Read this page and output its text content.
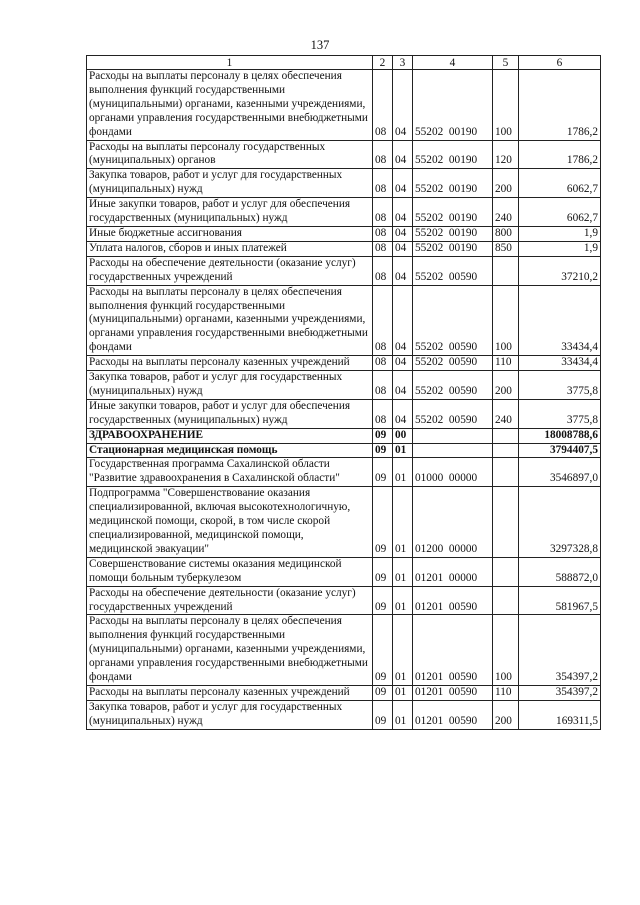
137
1	2	3	4	5	6
Расходы на выплаты персоналу в целях обеспечения выполнения функций государственными (муниципальными) органами, казенными учреждениями, органами управления государственными внебюджетными фондами	08	04	55202  00190	100	1786,2
Расходы на выплаты персоналу государственных (муниципальных) органов	08	04	55202  00190	120	1786,2
Закупка товаров, работ и услуг для государственных (муниципальных) нужд	08	04	55202  00190	200	6062,7
Иные закупки товаров, работ и услуг для обеспечения государственных (муниципальных) нужд	08	04	55202  00190	240	6062,7
Иные бюджетные ассигнования	08	04	55202  00190	800	1,9
Уплата налогов, сборов и иных платежей	08	04	55202  00190	850	1,9
Расходы на обеспечение деятельности (оказание услуг) государственных учреждений	08	04	55202  00590		37210,2
Расходы на выплаты персоналу в целях обеспечения выполнения функций государственными (муниципальными) органами, казенными учреждениями, органами управления государственными внебюджетными фондами	08	04	55202  00590	100	33434,4
Расходы на выплаты персоналу казенных учреждений	08	04	55202  00590	110	33434,4
Закупка товаров, работ и услуг для государственных (муниципальных) нужд	08	04	55202  00590	200	3775,8
Иные закупки товаров, работ и услуг для обеспечения государственных (муниципальных) нужд	08	04	55202  00590	240	3775,8
ЗДРАВООХРАНЕНИЕ	09	00			18008788,6
Стационарная медицинская помощь	09	01			3794407,5
Государственная программа Сахалинской области "Развитие здравоохранения в Сахалинской области"	09	01	01000  00000		3546897,0
Подпрограмма "Совершенствование оказания специализированной, включая высокотехнологичную, медицинской помощи, скорой, в том числе скорой специализированной, медицинской помощи, медицинской эвакуации"	09	01	01200  00000		3297328,8
Совершенствование системы оказания медицинской помощи больным туберкулезом	09	01	01201  00000		588872,0
Расходы на обеспечение деятельности (оказание услуг) государственных учреждений	09	01	01201  00590		581967,5
Расходы на выплаты персоналу в целях обеспечения выполнения функций государственными (муниципальными) органами, казенными учреждениями, органами управления государственными внебюджетными фондами	09	01	01201  00590	100	354397,2
Расходы на выплаты персоналу казенных учреждений	09	01	01201  00590	110	354397,2
Закупка товаров, работ и услуг для государственных (муниципальных) нужд	09	01	01201  00590	200	169311,5
